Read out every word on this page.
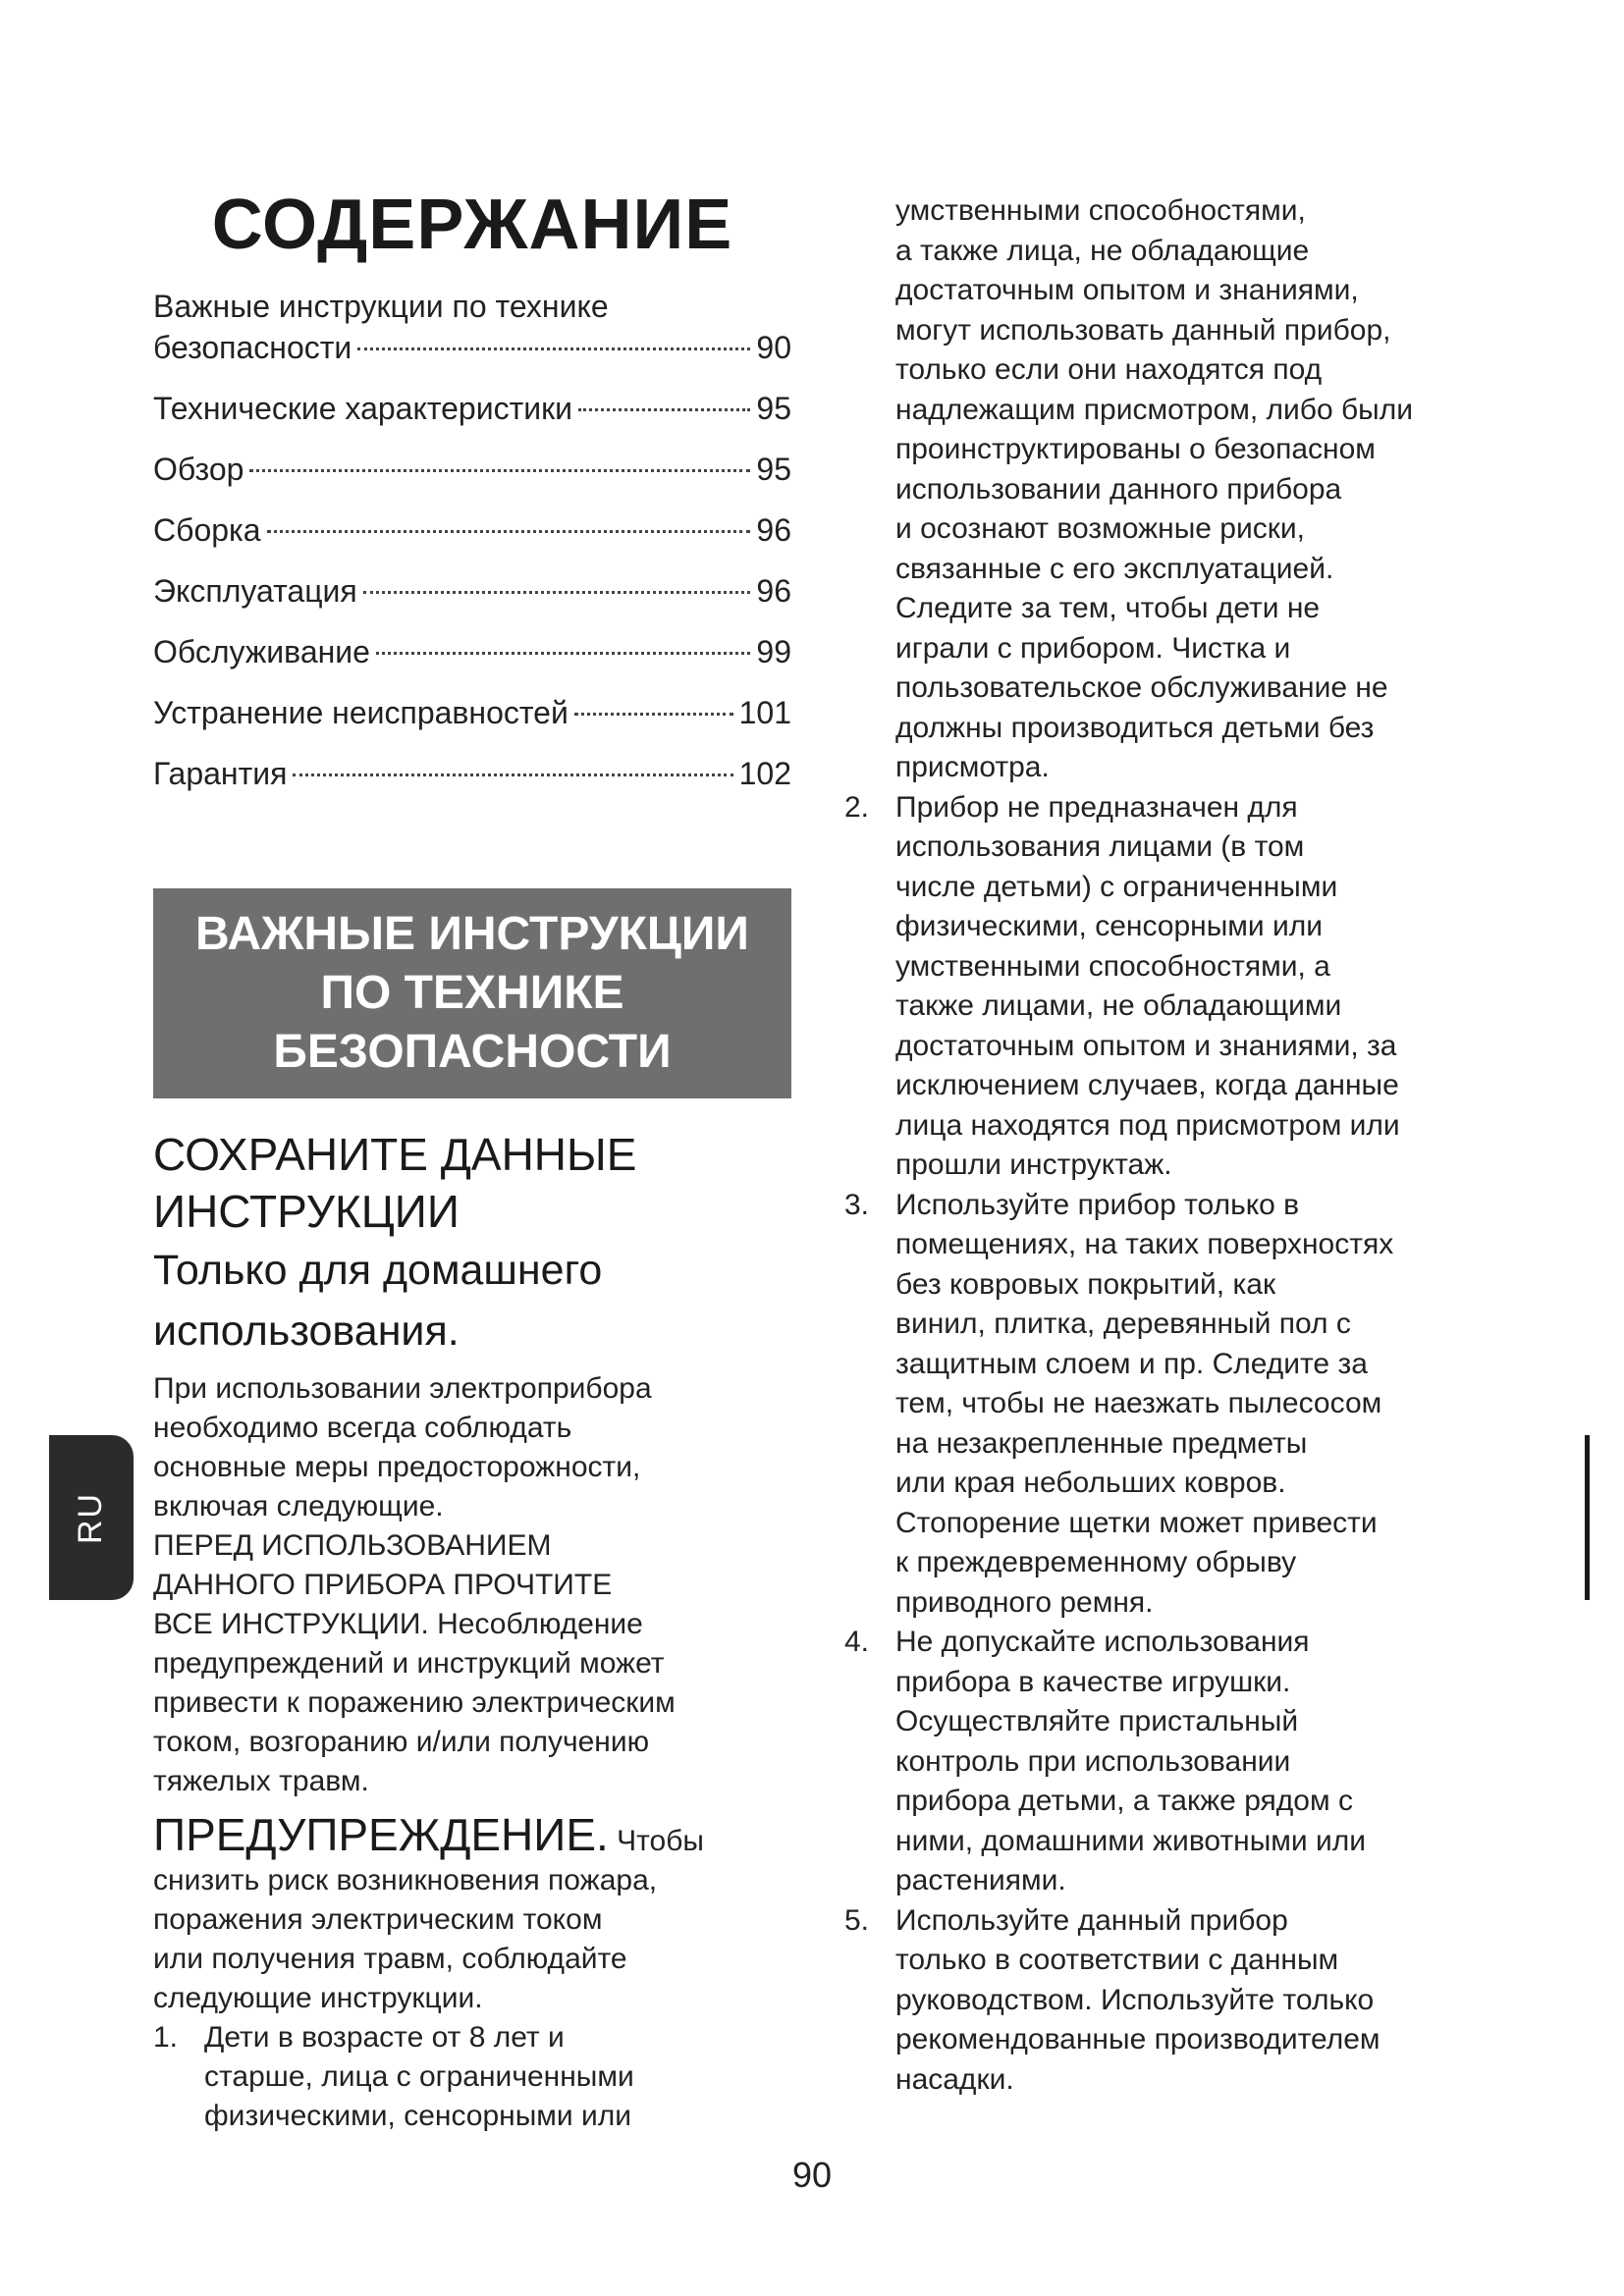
СОДЕРЖАНИЕ
Важные инструкции по технике
безопасности	90
Технические характеристики	95
Обзор	95
Сборка	96
Эксплуатация	96
Обслуживание	99
Устранение неисправностей	101
Гарантия	102
ВАЖНЫЕ ИНСТРУКЦИИ
ПО ТЕХНИКЕ
БЕЗОПАСНОСТИ
СОХРАНИТЕ ДАННЫЕ
ИНСТРУКЦИИ
Только для домашнего
использования.
При использовании электроприбора
необходимо всегда соблюдать
основные меры предосторожности,
включая следующие.
ПЕРЕД ИСПОЛЬЗОВАНИЕМ
ДАННОГО ПРИБОРА ПРОЧТИТЕ
ВСЕ ИНСТРУКЦИИ. Несоблюдение
предупреждений и инструкций может
привести к поражению электрическим
током, возгоранию и/или получению
тяжелых травм.
ПРЕДУПРЕЖДЕНИЕ. Чтобы
снизить риск возникновения пожара,
поражения электрическим током
или получения травм, соблюдайте
следующие инструкции.
1. Дети в возрасте от 8 лет и
старше, лица с ограниченными
физическими, сенсорными или
умственными способностями,
а также лица, не обладающие
достаточным опытом и знаниями,
могут использовать данный прибор,
только если они находятся под
надлежащим присмотром, либо были
проинструктированы о безопасном
использовании данного прибора
и осознают возможные риски,
связанные с его эксплуатацией.
Следите за тем, чтобы дети не
играли с прибором. Чистка и
пользовательское обслуживание не
должны производиться детьми без
присмотра.
2. Прибор не предназначен для
использования лицами (в том
числе детьми) с ограниченными
физическими, сенсорными или
умственными способностями, а
также лицами, не обладающими
достаточным опытом и знаниями, за
исключением случаев, когда данные
лица находятся под присмотром или
прошли инструктаж.
3. Используйте прибор только в
помещениях, на таких поверхностях
без ковровых покрытий, как
винил, плитка, деревянный пол с
защитным слоем и пр. Следите за
тем, чтобы не наезжать пылесосом
на незакрепленные предметы
или края небольших ковров.
Стопорение щетки может привести
к преждевременному обрыву
приводного ремня.
4. Не допускайте использования
прибора в качестве игрушки.
Осуществляйте пристальный
контроль при использовании
прибора детьми, а также рядом с
ними, домашними животными или
растениями.
5. Используйте данный прибор
только в соответствии с данным
руководством. Используйте только
рекомендованные производителем
насадки.
RU
90
